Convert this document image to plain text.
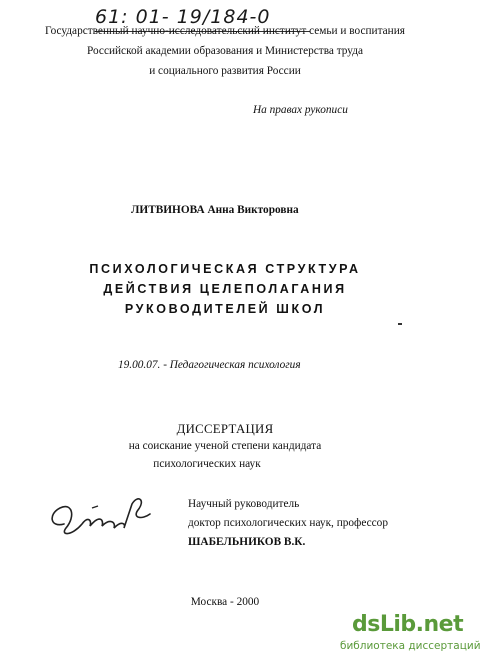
61: 01- 19/184-0
Государственный научно-исследовательский институт семьи и воспитания
Российской академии образования и Министерства труда
и социального развития России
На правах рукописи
ЛИТВИНОВА Анна Викторовна
ПСИХОЛОГИЧЕСКАЯ СТРУКТУРА
ДЕЙСТВИЯ ЦЕЛЕПОЛАГАНИЯ
РУКОВОДИТЕЛЕЙ ШКОЛ
19.00.07. - Педагогическая психология
ДИССЕРТАЦИЯ
на соискание ученой степени кандидата
психологических наук
Научный руководитель
доктор психологических наук, профессор
ШАБЕЛЬНИКОВ В.К.
Москва - 2000
dsLib.net
библиотека диссертаций
